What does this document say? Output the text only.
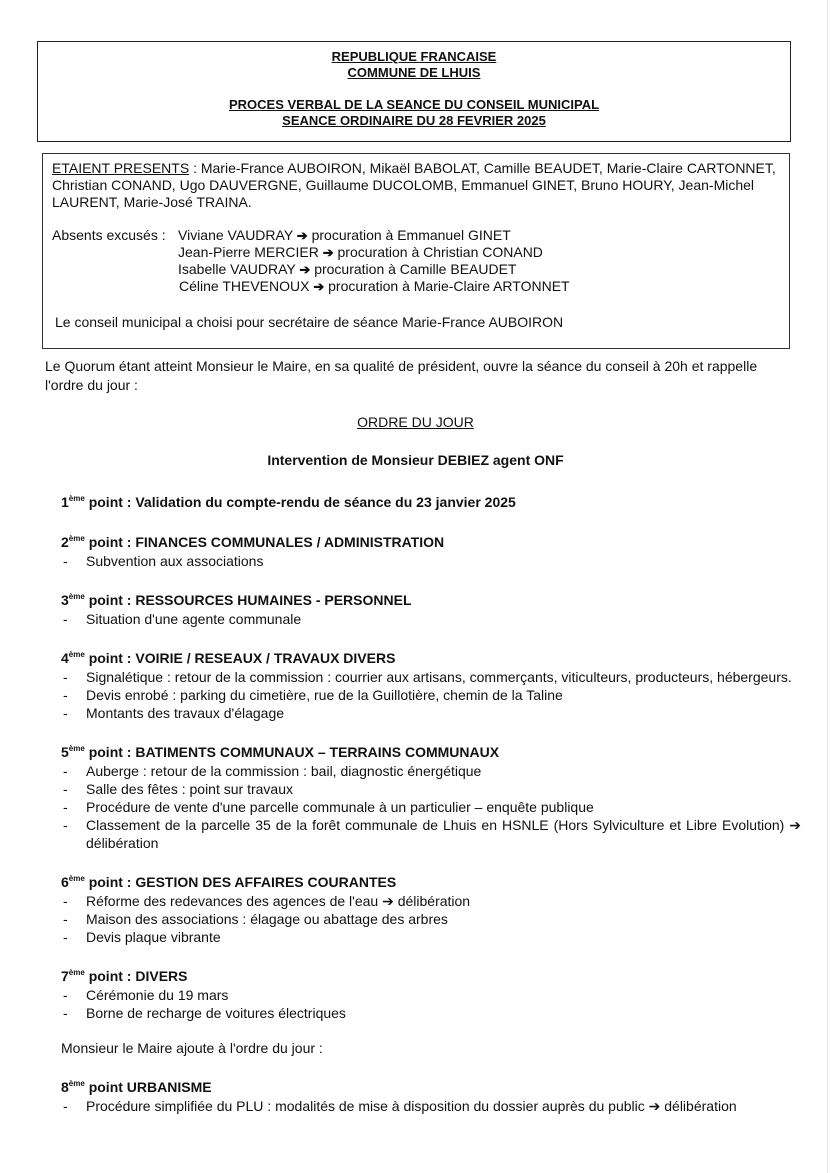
REPUBLIQUE FRANCAISE
COMMUNE DE LHUIS
PROCES VERBAL DE LA SEANCE DU CONSEIL MUNICIPAL
SEANCE ORDINAIRE DU 28 FEVRIER 2025
ETAIENT PRESENTS : Marie-France AUBOIRON, Mikaël BABOLAT, Camille BEAUDET, Marie-Claire CARTONNET, Christian CONAND, Ugo DAUVERGNE, Guillaume DUCOLOMB, Emmanuel GINET, Bruno HOURY, Jean-Michel LAURENT, Marie-José TRAINA.
Absents excusés : Viviane VAUDRAY ➔ procuration à Emmanuel GINET
Jean-Pierre MERCIER ➔ procuration à Christian CONAND
Isabelle VAUDRAY ➔ procuration à Camille BEAUDET
Céline THEVENOUX ➔ procuration à Marie-Claire ARTONNET
Le conseil municipal a choisi pour secrétaire de séance Marie-France AUBOIRON
Le Quorum étant atteint Monsieur le Maire, en sa qualité de président, ouvre la séance du conseil à 20h et rappelle l'ordre du jour :
ORDRE DU JOUR
Intervention de Monsieur DEBIEZ agent ONF
1ème point : Validation du compte-rendu de séance du 23 janvier 2025
2ème point : FINANCES COMMUNALES / ADMINISTRATION
-	Subvention aux associations
3ème point : RESSOURCES HUMAINES - PERSONNEL
-	Situation d'une agente communale
4ème point : VOIRIE / RESEAUX / TRAVAUX DIVERS
-	Signalétique : retour de la commission : courrier aux artisans, commerçants, viticulteurs, producteurs, hébergeurs.
-	Devis enrobé : parking du cimetière, rue de la Guillotière, chemin de la Taline
-	Montants des travaux d'élagage
5ème point : BATIMENTS COMMUNAUX – TERRAINS COMMUNAUX
-	Auberge : retour de la commission : bail, diagnostic énergétique
-	Salle des fêtes : point sur travaux
-	Procédure de vente d'une parcelle communale à un particulier – enquête publique
-	Classement de la parcelle 35 de la forêt communale de Lhuis en HSNLE (Hors Sylviculture et Libre Evolution) ➔ délibération
6ème point : GESTION DES AFFAIRES COURANTES
-	Réforme des redevances des agences de l'eau ➔ délibération
-	Maison des associations : élagage ou abattage des arbres
-	Devis plaque vibrante
7ème point : DIVERS
-	Cérémonie du 19 mars
-	Borne de recharge de voitures électriques
Monsieur le Maire ajoute à l'ordre du jour :
8ème point URBANISME
-	Procédure simplifiée du PLU : modalités de mise à disposition du dossier auprès du public ➔ délibération
